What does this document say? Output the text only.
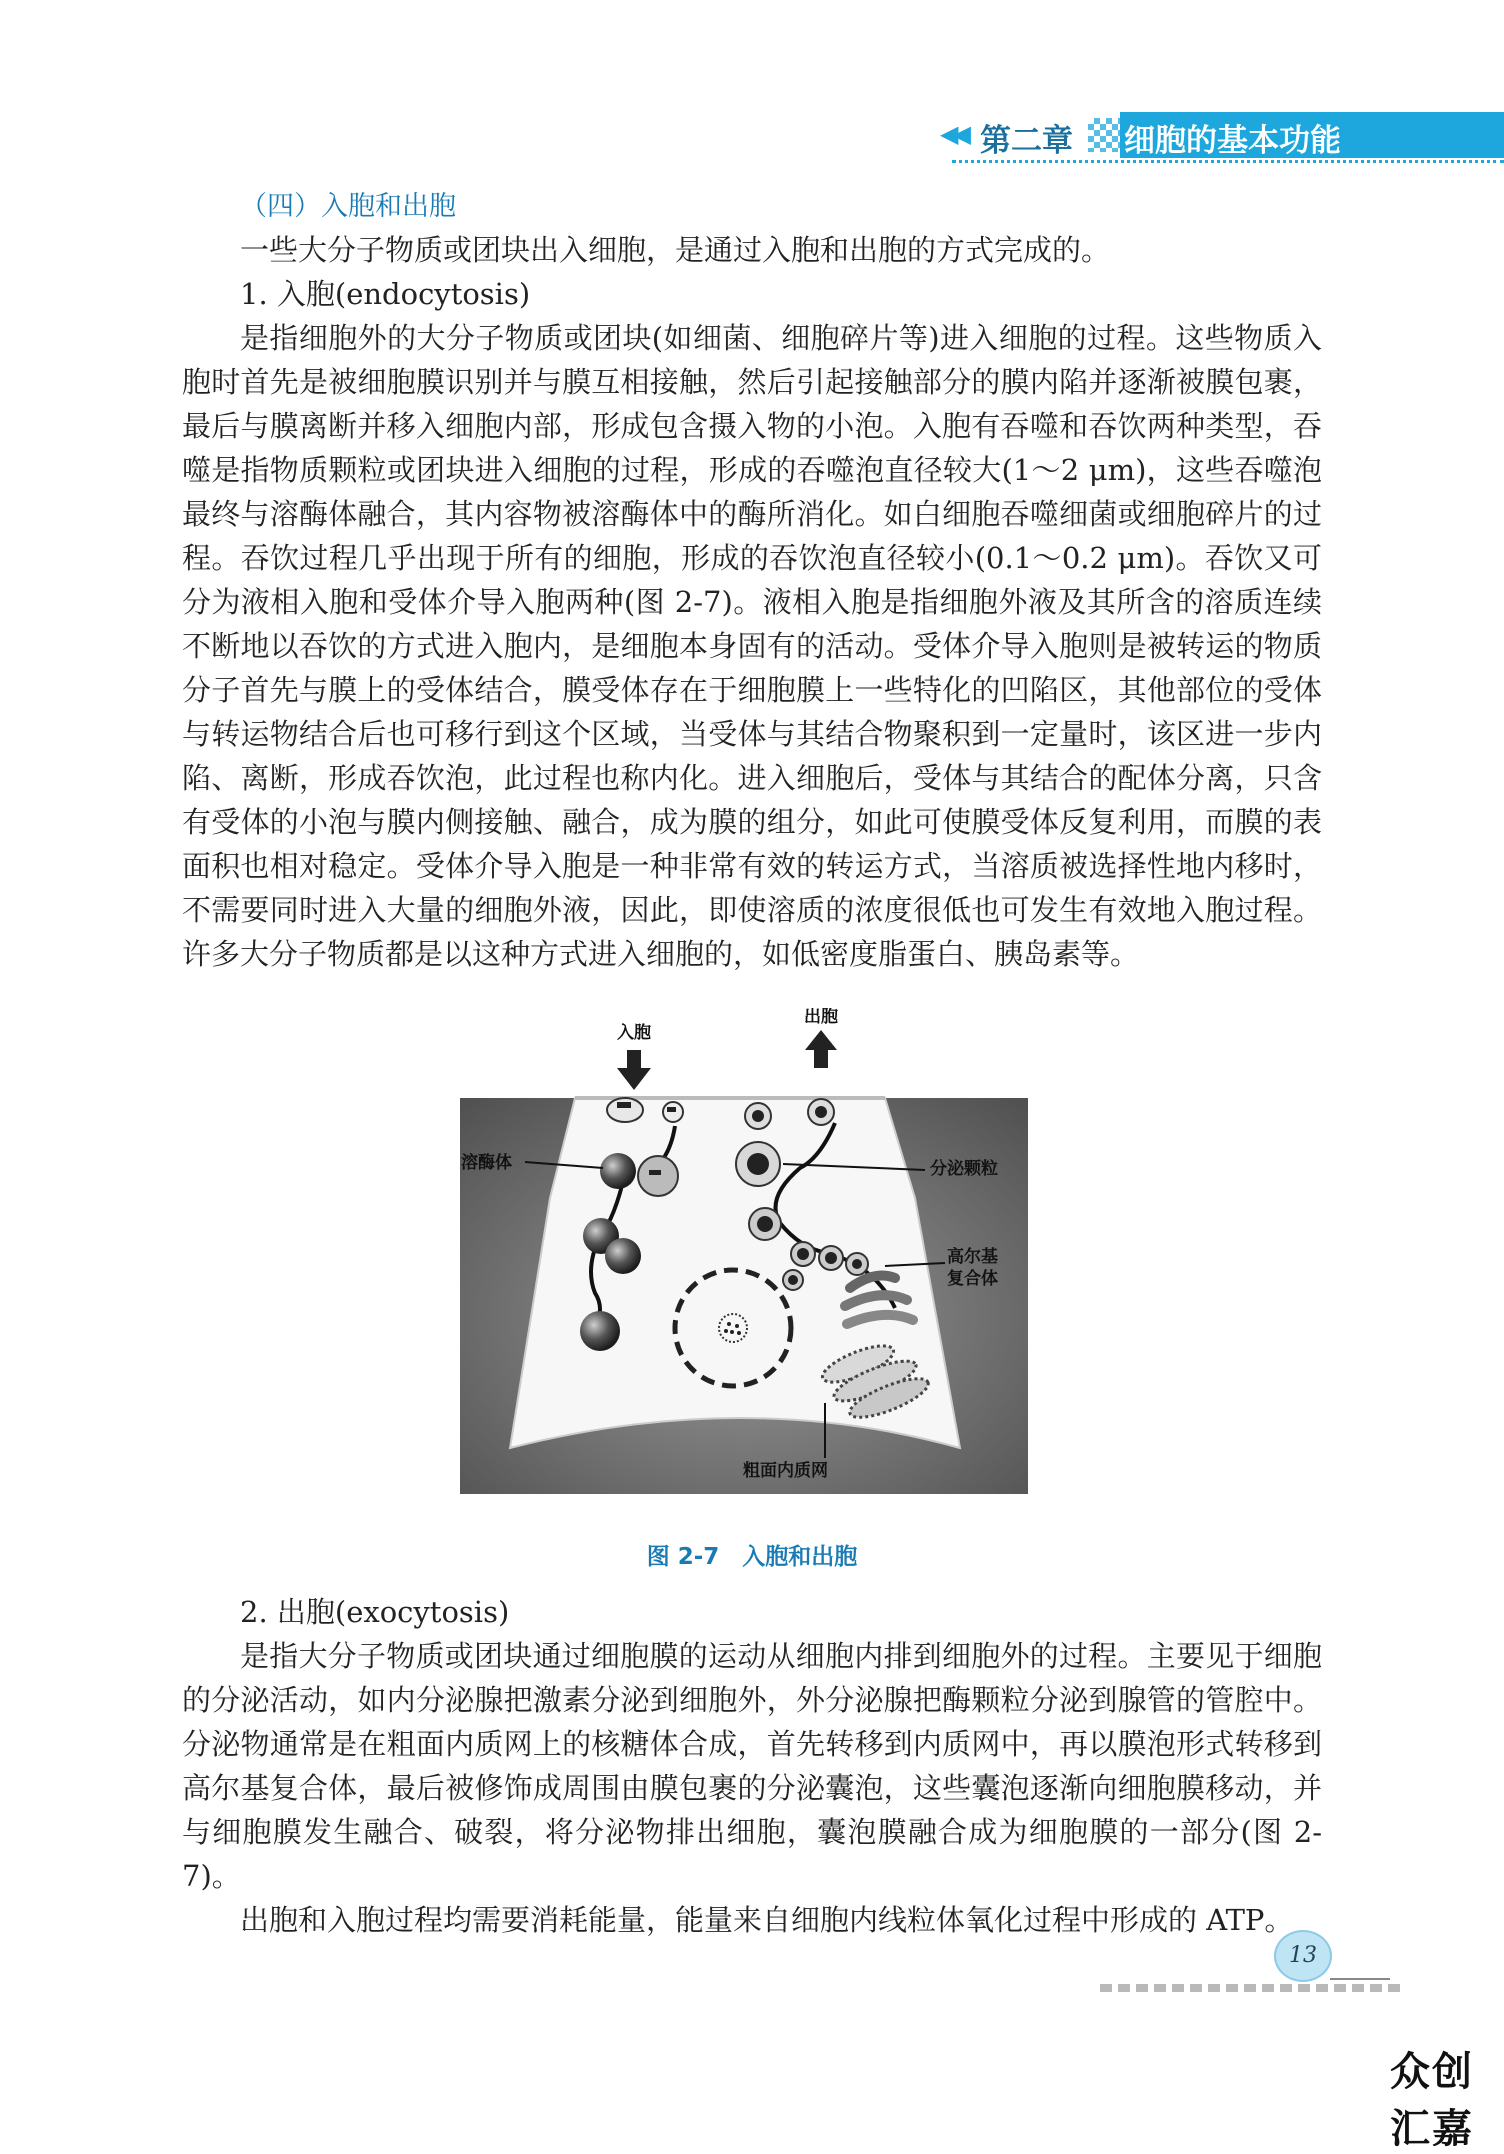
◀◀ 第二章 细胞的基本功能
（四）入胞和出胞

一些大分子物质或团块出入细胞，是通过入胞和出胞的方式完成的。

1. 入胞(endocytosis)

是指细胞外的大分子物质或团块(如细菌、细胞碎片等)进入细胞的过程。这些物质入胞时首先是被细胞膜识别并与膜互相接触，然后引起接触部分的膜内陷并逐渐被膜包裹，最后与膜离断并移入细胞内部，形成包含摄入物的小泡。入胞有吞噬和吞饮两种类型，吞噬是指物质颗粒或团块进入细胞的过程，形成的吞噬泡直径较大(1～2 μm)，这些吞噬泡最终与溶酶体融合，其内容物被溶酶体中的酶所消化。如白细胞吞噬细菌或细胞碎片的过程。吞饮过程几乎出现于所有的细胞，形成的吞饮泡直径较小(0.1～0.2 μm)。吞饮又可分为液相入胞和受体介导入胞两种(图 2-7)。液相入胞是指细胞外液及其所含的溶质连续不断地以吞饮的方式进入胞内，是细胞本身固有的活动。受体介导入胞则是被转运的物质分子首先与膜上的受体结合，膜受体存在于细胞膜上一些特化的凹陷区，其他部位的受体与转运物结合后也可移行到这个区域，当受体与其结合物聚积到一定量时，该区进一步内陷、离断，形成吞饮泡，此过程也称内化。进入细胞后，受体与其结合的配体分离，只含有受体的小泡与膜内侧接触、融合，成为膜的组分，如此可使膜受体反复利用，而膜的表面积也相对稳定。受体介导入胞是一种非常有效的转运方式，当溶质被选择性地内移时，不需要同时进入大量的细胞外液，因此，即使溶质的浓度很低也可发生有效地入胞过程。许多大分子物质都是以这种方式进入细胞的，如低密度脂蛋白、胰岛素等。

入胞
出胞
溶酶体	分泌颗粒
高尔基
复合体
粗面内质网
图 2-7　入胞和出胞

2. 出胞(exocytosis)

是指大分子物质或团块通过细胞膜的运动从细胞内排到细胞外的过程。主要见于细胞的分泌活动，如内分泌腺把激素分泌到细胞外，外分泌腺把酶颗粒分泌到腺管的管腔中。分泌物通常是在粗面内质网上的核糖体合成，首先转移到内质网中，再以膜泡形式转移到高尔基复合体，最后被修饰成周围由膜包裹的分泌囊泡，这些囊泡逐渐向细胞膜移动，并与细胞膜发生融合、破裂，将分泌物排出细胞，囊泡膜融合成为细胞膜的一部分(图 2-7)。

出胞和入胞过程均需要消耗能量，能量来自细胞内线粒体氧化过程中形成的 ATP。

13
众创汇嘉
